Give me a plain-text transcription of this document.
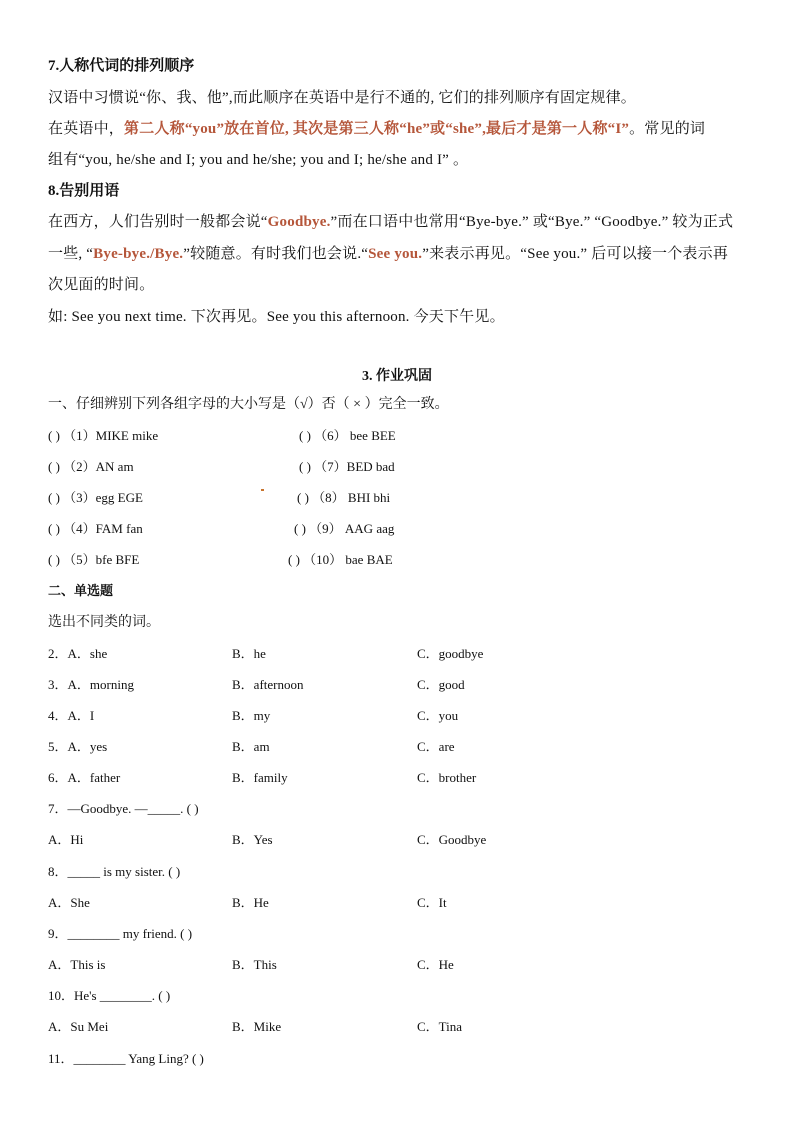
7.人称代词的排列顺序
汉语中习惯说“你、我、他”,而此顺序在英语中是行不通的, 它们的排列顺序有固定规律。
在英语中，第二人称“you”放在首位, 其次是第三人称“he”或“she”,最后才是第一人称“I”。常见的词
组有“you, he/she and I; you and he/she; you and I; he/she and I” 。
8.告别用语
在西方，人们告别时一般都会说“Goodbye.”而在口语中也常用“Bye-bye.” 或“Bye.” “Goodbye.” 较为正式
一些, “Bye-bye./Bye.”较随意。有时我们也会说.“See you.”来表示再见。“See you.” 后可以接一个表示再
次见面的时间。
如: See you next time. 下次再见。See you this afternoon. 今天下午见。
3. 作业巩固
一、仔细辨别下列各组字母的大小写是（√）否（ × ）完全一致。
( ) （1）MIKE mike
( ) （2）AN am
( ) （3）egg EGE
( ) （4）FAM fan
( ) （5）bfe BFE
( ) （6） bee BEE
( ) （7）BED bad
( ) （8） BHI bhi
( ) （9） AAG aag
( ) （10） bae BAE
二、单选题
选出不同类的词。
2．A．she	B．he	C．goodbye
3．A．morning	B．afternoon	C．good
4．A．I	B．my	C．you
5．A．yes	B．am	C．are
6．A．father	B．family	C．brother
7．—Goodbye. —_____. ( )
A．Hi	B．Yes	C．Goodbye
8．_____ is my sister. ( )
A．She	B．He	C．It
9．________ my friend. ( )
A．This is	B．This	C．He
10．He's ________. ( )
A．Su Mei	B．Mike	C．Tina
11．________ Yang Ling? ( )
